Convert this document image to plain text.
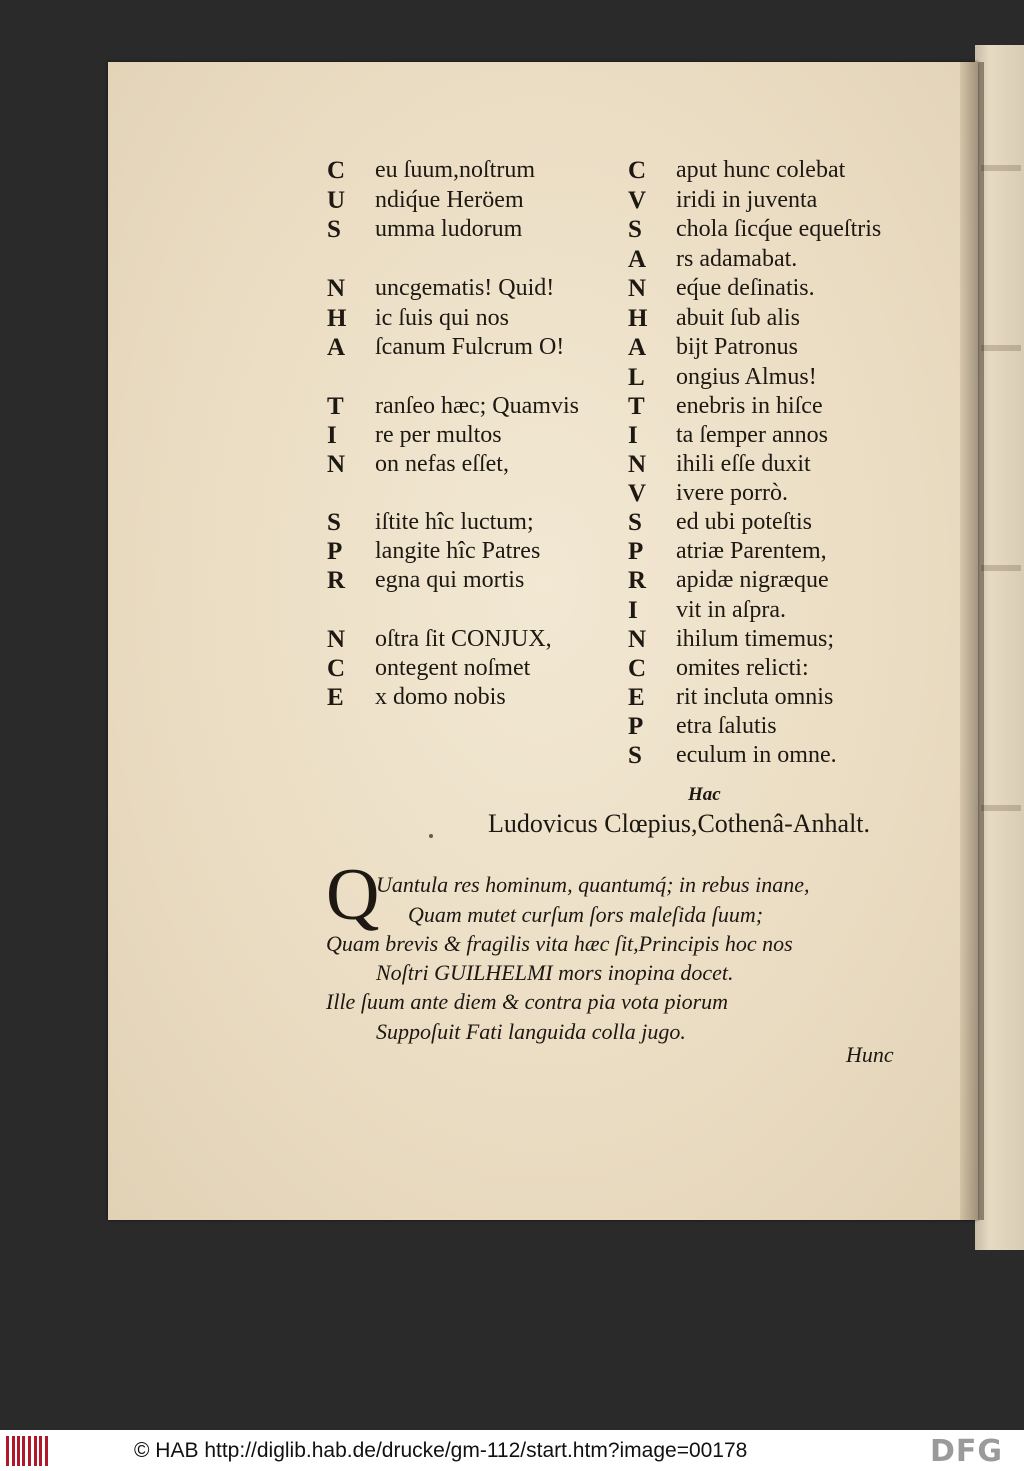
C eu ſuum,noſtrum
U ndiq́ue Heröem
S umma ludorum
N uncgematis! Quid!
H ic ſuis qui nos
A ſcanum Fulcrum O!
T ranſeo hæc; Quamvis
I re per multos
N on nefas eſſet,
S iſtite hîc luctum;
P langite hîc Patres
R egna qui mortis
N oſtra ſit CONJUX,
C ontegent noſmet
E x domo nobis
C aput hunc colebat
V iridi in juventa
S chola ſicq́ue equeſtris
A rs adamabat.
N eq́ue deſinatis.
H abuit ſub alis
A bijt Patronus
L ongius Almus!
T enebris in hiſce
I ta ſemper annos
N ihili eſſe duxit
V ivere porrò.
S ed ubi poteſtis
P atriæ Parentem,
R apidæ nigræque
I vit in aſpra.
N ihilum timemus;
C omites relicti:
E rit incluta omnis
P etra ſalutis
S eculum in omne.
Hac
Ludovicus Clœpius,Cothenâ-Anhalt.
Q
Uantula res hominum, quantumq́; in rebus inane,
Quam mutet curſum ſors maleſida ſuum;
Quam brevis & fragilis vita hæc ſit,Principis hoc nos
Noſtri GUILHELMI mors inopina docet.
Ille ſuum ante diem & contra pia vota piorum
Suppoſuit Fati languida colla jugo.
Hunc
© HAB http://diglib.hab.de/drucke/gm-112/start.htm?image=00178	DFG
